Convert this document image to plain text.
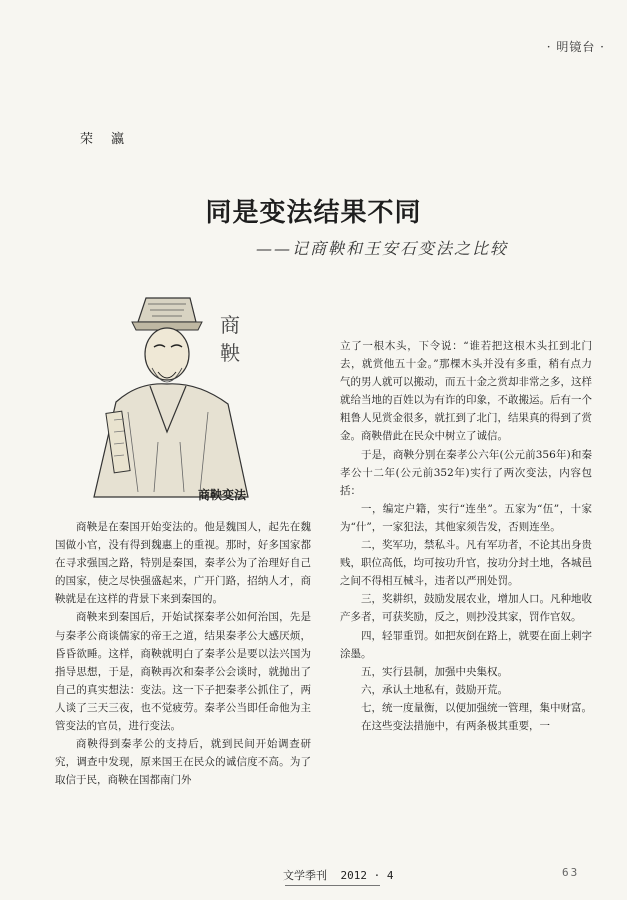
· 明镜台 ·
荣瀛
同是变法结果不同
——记商鞅和王安石变法之比较
商
鞅
商鞅变法

商鞅是在秦国开始变法的。他是魏国人，起先在魏国做小官，没有得到魏惠上的重视。那时，好多国家都在寻求强国之路，特别是秦国，秦孝公为了治理好自己的国家，使之尽快强盛起来，广开门路，招纳人才，商鞅就是在这样的背景下来到秦国的。

商鞅来到秦国后，开始试探秦孝公如何治国，先是与秦孝公商谈儒家的帝王之道，结果秦孝公大感厌烦，昏昏欲睡。这样，商鞅就明白了秦孝公是要以法兴国为指导思想，于是，商鞅再次和秦孝公会谈时，就抛出了自己的真实想法：变法。这一下子把秦孝公抓住了，两人谈了三天三夜，也不觉疲劳。秦孝公当即任命他为主管变法的官员，进行变法。

商鞅得到秦孝公的支持后，就到民间开始调查研究，调查中发现，原来国王在民众的诚信度不高。为了取信于民，商鞅在国都南门外

立了一根木头，下令说：“谁若把这根木头扛到北门去，就赏他五十金。”那棵木头并没有多重，稍有点力气的男人就可以搬动，而五十金之赏却非常之多，这样就给当地的百姓以为有诈的印象，不敢搬运。后有一个粗鲁人见赏金很多，就扛到了北门，结果真的得到了赏金。商鞅借此在民众中树立了诚信。

于是，商鞅分别在秦孝公六年(公元前356年)和秦孝公十二年(公元前352年)实行了两次变法，内容包括：

一，编定户籍，实行“连坐”。五家为“伍”，十家为“什”，一家犯法，其他家须告发，否则连坐。

二，奖军功，禁私斗。凡有军功者，不论其出身贵贱，职位高低，均可按功升官，按功分封土地，各城邑之间不得相互械斗，违者以严刑处罚。

三，奖耕织，鼓励发展农业，增加人口。凡种地收产多者，可获奖励，反之，则抄没其家，罚作官奴。

四，轻罪重罚。如把灰倒在路上，就要在面上刺字涂墨。

五，实行县制，加强中央集权。

六，承认土地私有，鼓励开荒。

七，统一度量衡，以便加强统一管理，集中财富。

在这些变法措施中，有两条极其重要，一

文学季刊 2012 · 4	63
